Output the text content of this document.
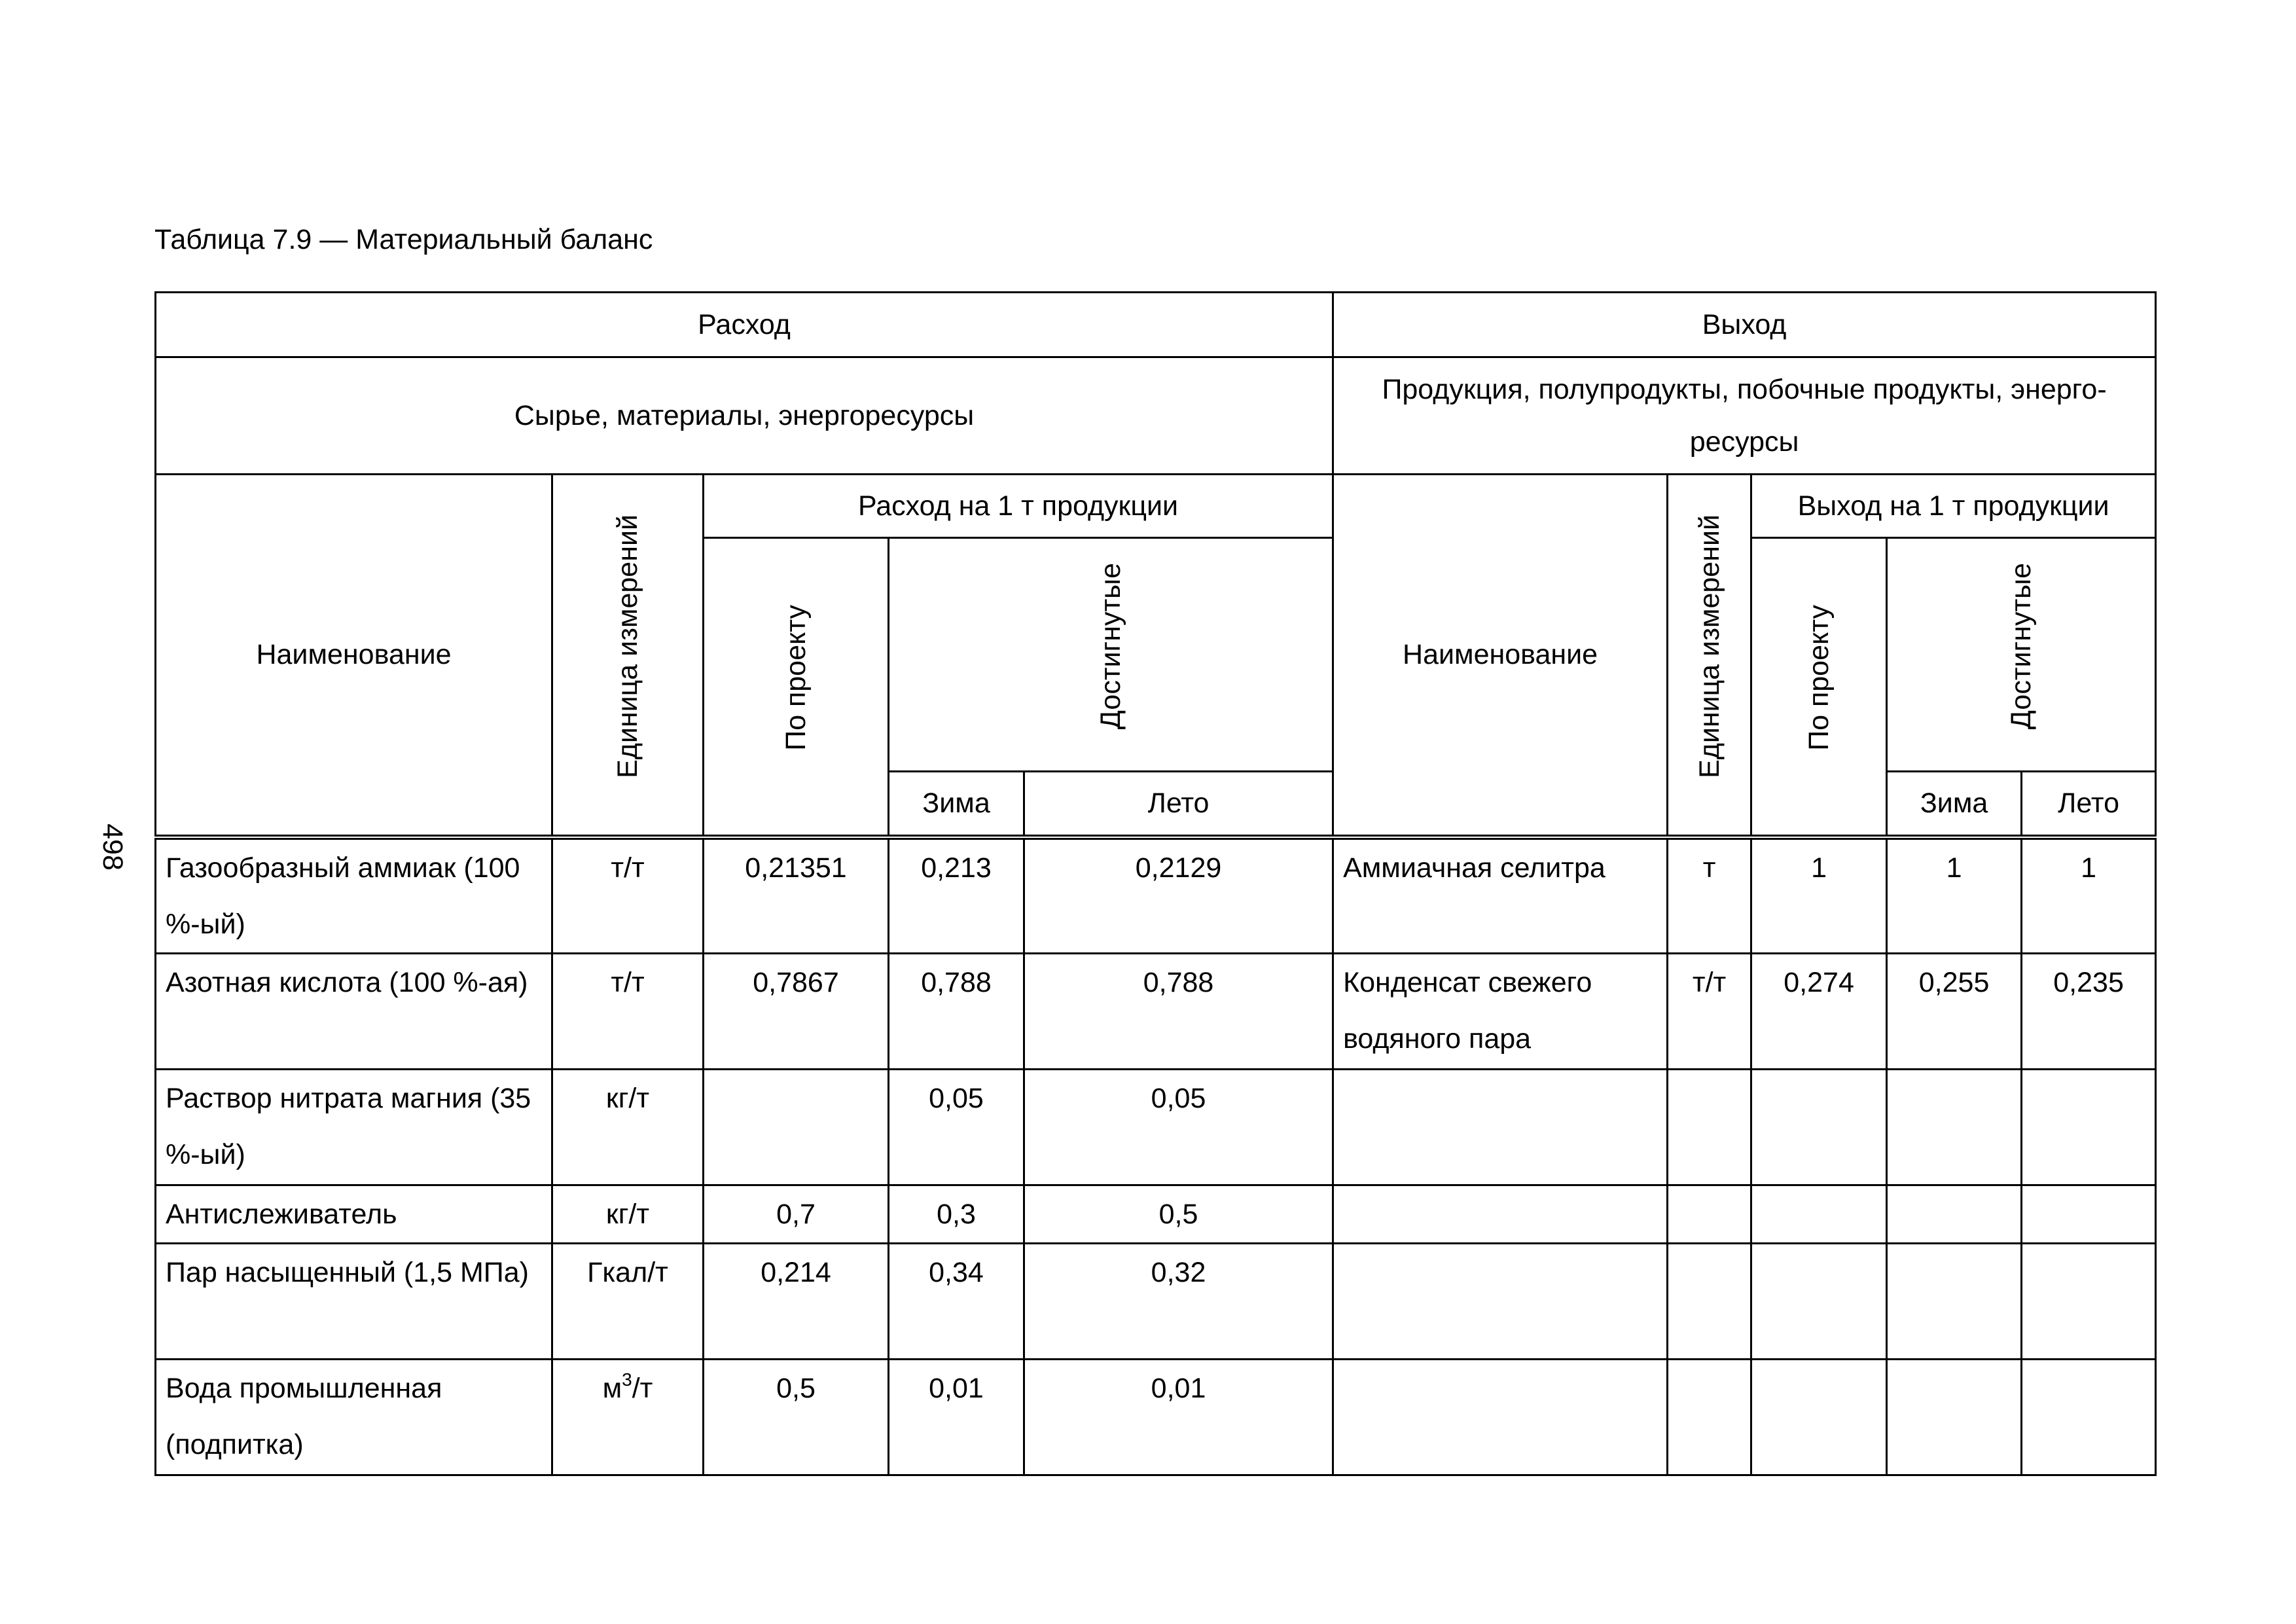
Таблица 7.9 — Материальный баланс
498
Расход					Выход				
Сырье, материалы, энергоресурсы					Продукция, полупродукты, побочные продукты, энерго-ресурсы				
Наименование	Единица измерений	Расход на 1 т продукции			Наименование	Единица измерений	Выход на 1 т продукции		
		По проекту	Достигнутые				По проекту	Достигнутые	
			Зима	Лето				Зима	Лето
Газообразный аммиак (100 %-ый)	т/т	0,21351	0,213	0,2129	Аммиачная селитра	т	1	1	1
Азотная кислота (100 %-ая)	т/т	0,7867	0,788	0,788	Конденсат свежего водяного пара	т/т	0,274	0,255	0,235
Раствор нитрата магния (35 %-ый)	кг/т		0,05	0,05					
Антислеживатель	кг/т	0,7	0,3	0,5					
Пар насыщенный (1,5 МПа)	Гкал/т	0,214	0,34	0,32					
Вода промышленная (подпитка)	$м^3/т$	0,5	0,01	0,01					
